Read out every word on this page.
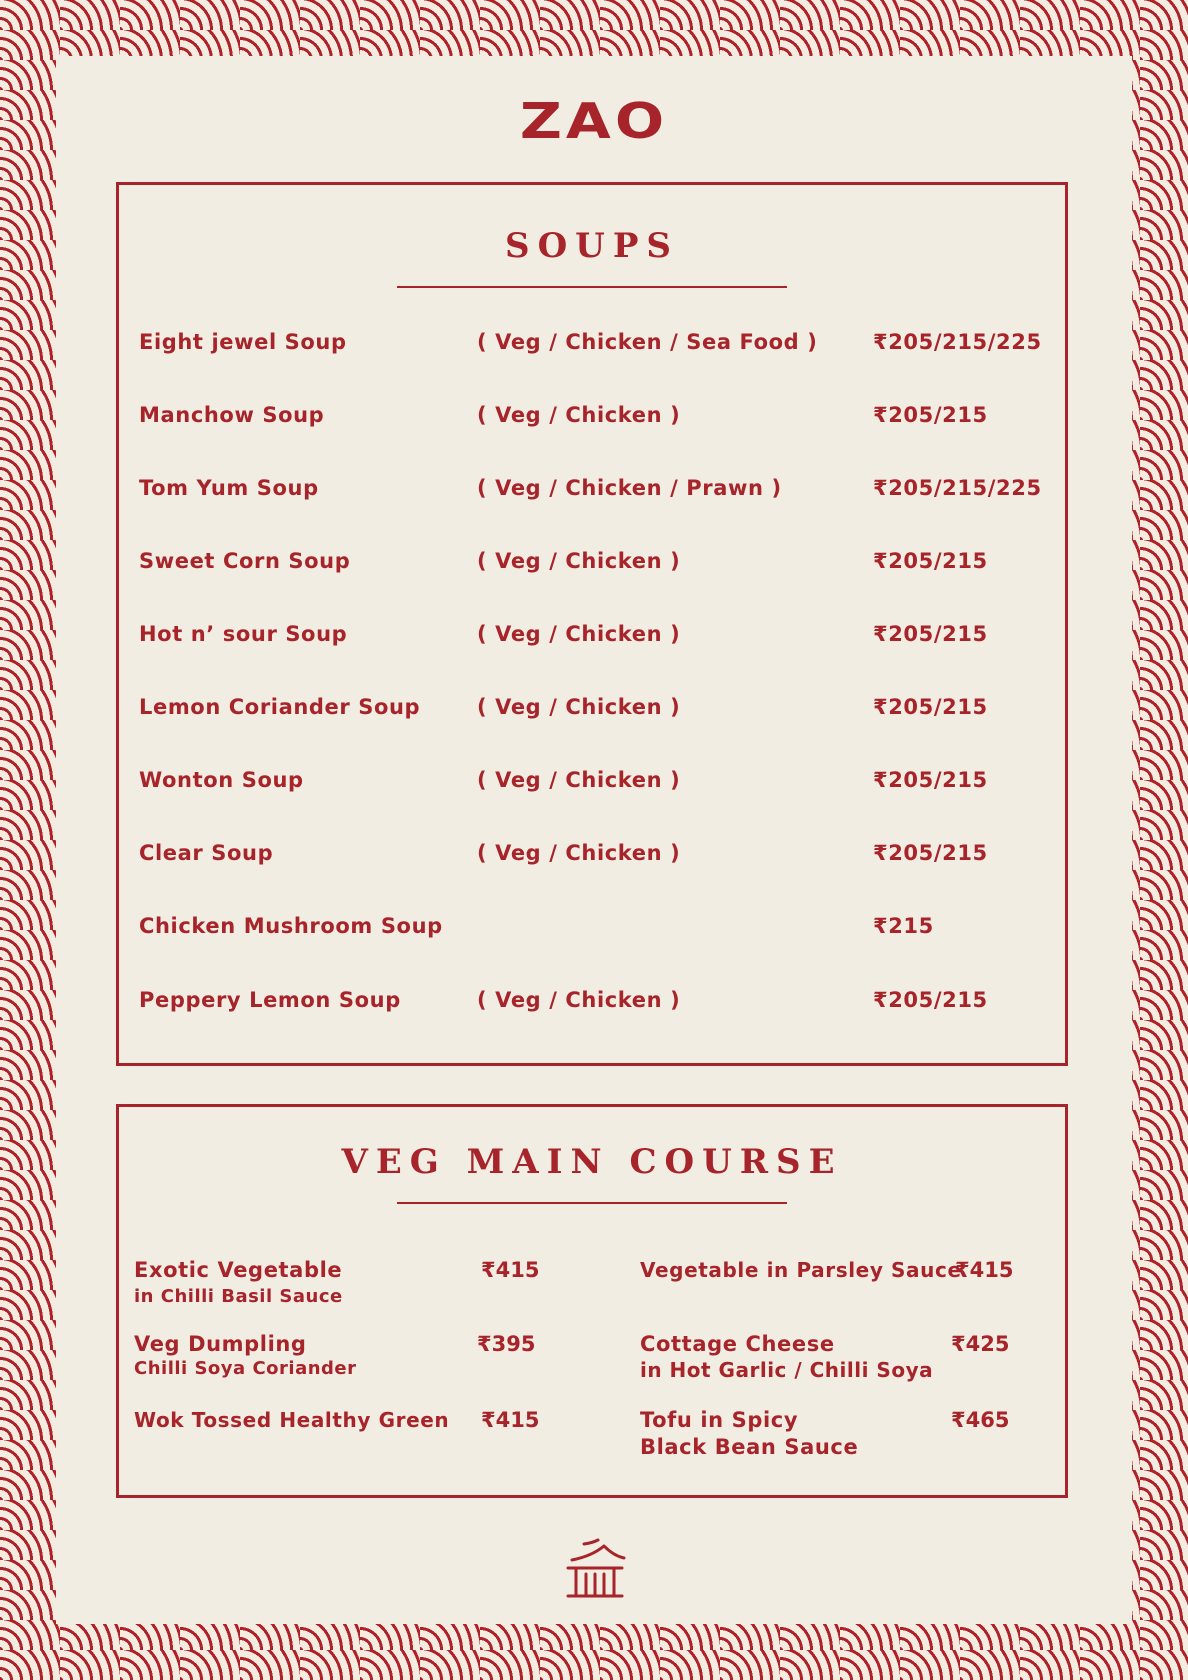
ZAO
SOUPS
Eight jewel Soup	( Veg / Chicken / Sea Food )	₹205/215/225
Manchow Soup	( Veg / Chicken )	₹205/215
Tom Yum Soup	( Veg / Chicken / Prawn )	₹205/215/225
Sweet Corn Soup	( Veg / Chicken )	₹205/215
Hot n’ sour Soup	( Veg / Chicken )	₹205/215
Lemon Coriander Soup	( Veg / Chicken )	₹205/215
Wonton Soup	( Veg / Chicken )	₹205/215
Clear Soup	( Veg / Chicken )	₹205/215
Chicken Mushroom Soup	₹215
Peppery Lemon Soup	( Veg / Chicken )	₹205/215
VEG MAIN COURSE
Exotic Vegetable
in Chilli Basil Sauce
₹415
Veg Dumpling
Chilli Soya Coriander
₹395
Wok Tossed Healthy Green ₹415
Vegetable in Parsley Sauce
₹415
Cottage Cheese
in Hot Garlic / Chilli Soya
₹425
Tofu in Spicy
Black Bean Sauce
₹465
